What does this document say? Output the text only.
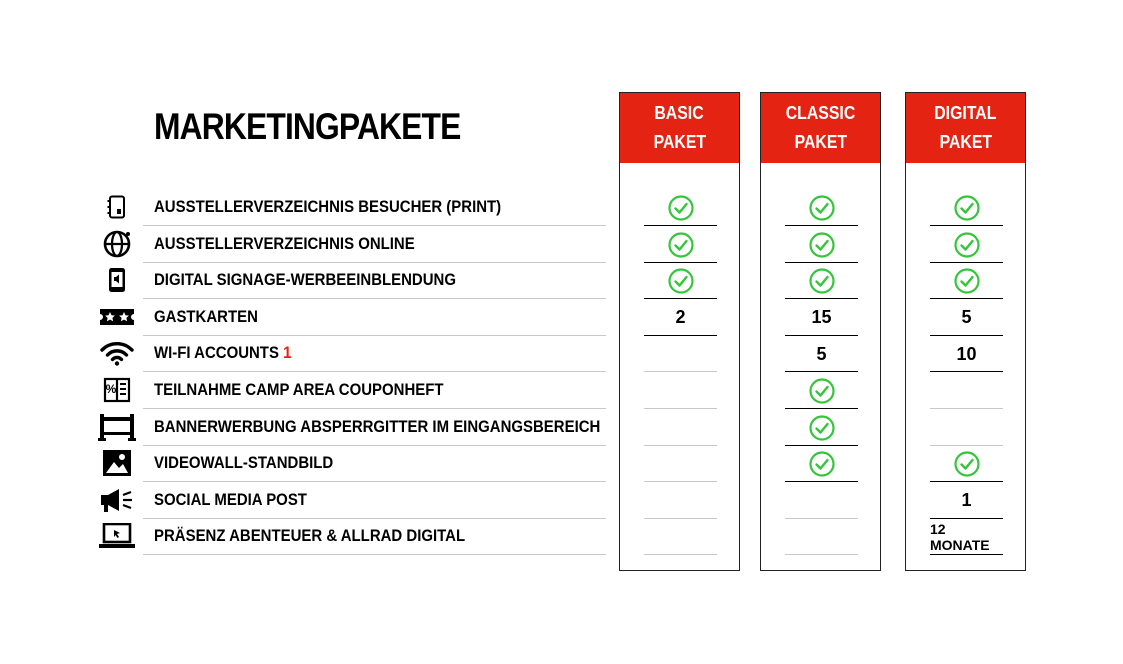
MARKETINGPAKETE
AUSSTELLERVERZEICHNIS BESUCHER (PRINT)
AUSSTELLERVERZEICHNIS ONLINE
DIGITAL SIGNAGE-WERBEEINBLENDUNG
GASTKARTEN
WI-FI ACCOUNTS 1
% TEILNAHME CAMP AREA COUPONHEFT
BANNERWERBUNG ABSPERRGITTER IM EINGANGSBEREICH
VIDEOWALL-STANDBILD
SOCIAL MEDIA POST
PRÄSENZ ABENTEUER & ALLRAD DIGITAL
BASIC
PAKET
2
CLASSIC
PAKET
15
5
DIGITAL
PAKET
5
10
1
12 MONATE
